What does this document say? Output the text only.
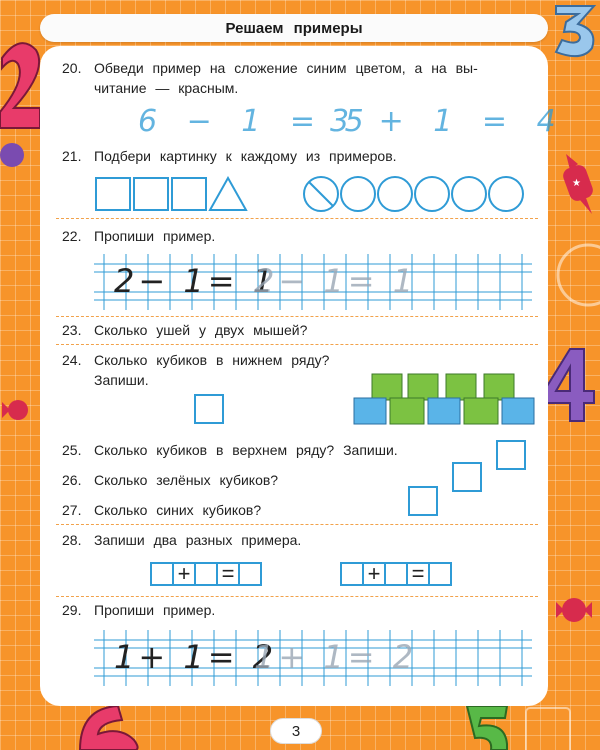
★
Решаем примеры
20. Обведи пример на сложение синим цветом, а на вы-
читание — красным.
6 − 1 = 5
3 + 1 = 4
21. Подбери картинку к каждому из примеров.
22. Пропиши пример.
2− 1= 1
2− 1= 1
23. Сколько ушей у двух мышей?
24. Сколько кубиков в нижнем ряду?
Запиши.
25. Сколько кубиков в верхнем ряду? Запиши.
26. Сколько зелёных кубиков?
27. Сколько синих кубиков?
28. Запиши два разных примера.
+ =	+ =
29. Пропиши пример.
1+ 1= 2
1+ 1= 2
3
